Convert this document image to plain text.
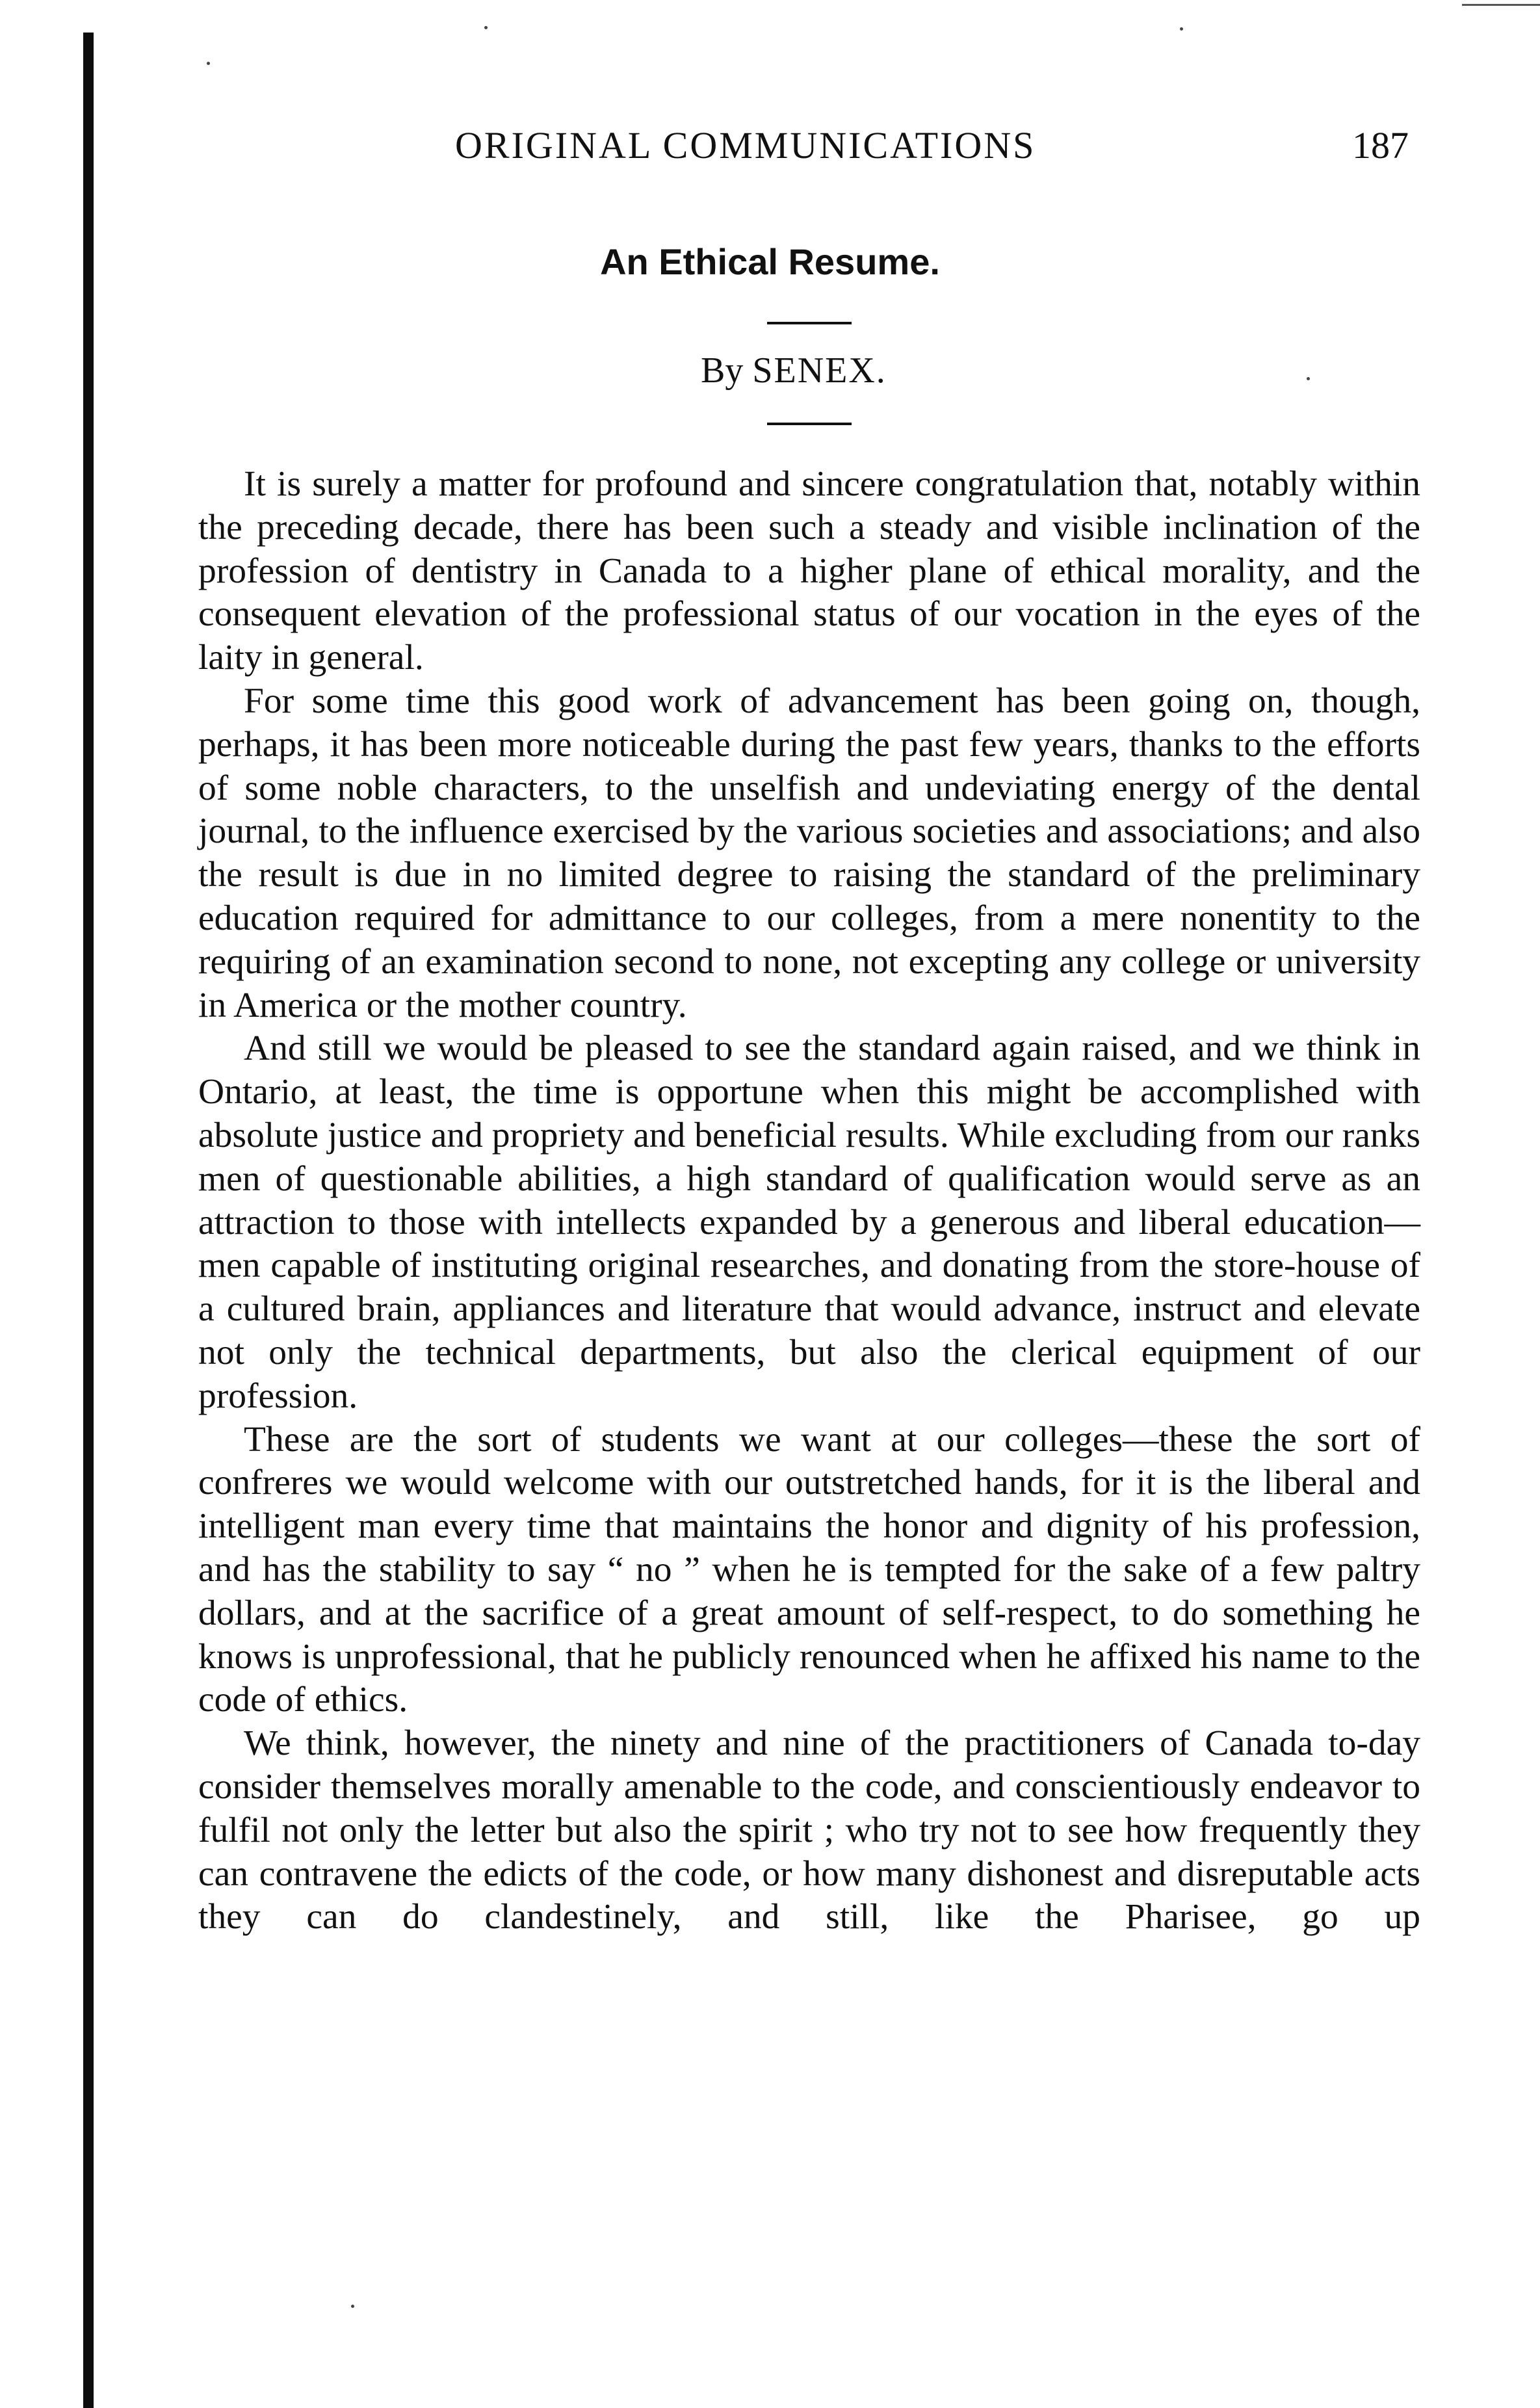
ORIGINAL COMMUNICATIONS	187
An Ethical Resume.
By SENEX.

It is surely a matter for profound and sincere congratulation that, notably within the preceding decade, there has been such a steady and visible inclination of the profession of dentistry in Canada to a higher plane of ethical morality, and the consequent elevation of the professional status of our vocation in the eyes of the laity in general.

For some time this good work of advancement has been going on, though, perhaps, it has been more noticeable during the past few years, thanks to the efforts of some noble characters, to the unselfish and undeviating energy of the dental journal, to the influence exercised by the various societies and associations; and also the result is due in no limited degree to raising the standard of the preliminary education required for admittance to our colleges, from a mere nonentity to the requiring of an examination second to none, not excepting any college or university in America or the mother country.

And still we would be pleased to see the standard again raised, and we think in Ontario, at least, the time is opportune when this might be accomplished with absolute justice and propriety and beneficial results. While excluding from our ranks men of questionable abilities, a high standard of qualification would serve as an attraction to those with intellects expanded by a generous and liberal education—men capable of instituting original researches, and donating from the store-house of a cultured brain, appliances and literature that would advance, instruct and elevate not only the technical departments, but also the clerical equipment of our profession.

These are the sort of students we want at our colleges—these the sort of confreres we would welcome with our outstretched hands, for it is the liberal and intelligent man every time that maintains the honor and dignity of his profession, and has the stability to say “ no ” when he is tempted for the sake of a few paltry dollars, and at the sacrifice of a great amount of self-respect, to do something he knows is unprofessional, that he publicly renounced when he affixed his name to the code of ethics.

We think, however, the ninety and nine of the practitioners of Canada to-day consider themselves morally amenable to the code, and conscientiously endeavor to fulfil not only the letter but also the spirit ; who try not to see how frequently they can contravene the edicts of the code, or how many dishonest and disreputable acts they can do clandestinely, and still, like the Pharisee, go up
